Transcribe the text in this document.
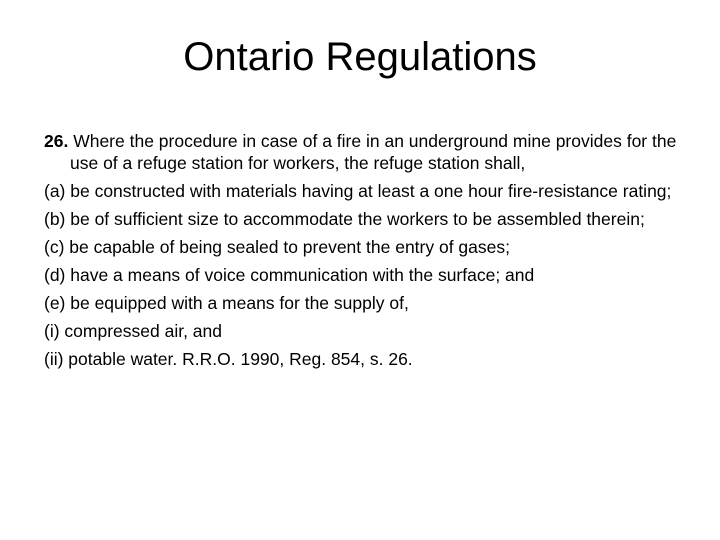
Ontario Regulations
26. Where the procedure in case of a fire in an underground mine provides for the use of a refuge station for workers, the refuge station shall,
(a) be constructed with materials having at least a one hour fire-resistance rating;
(b) be of sufficient size to accommodate the workers to be assembled therein;
(c) be capable of being sealed to prevent the entry of gases;
(d) have a means of voice communication with the surface; and
(e) be equipped with a means for the supply of,
(i) compressed air, and
(ii) potable water. R.R.O. 1990, Reg. 854, s. 26.
